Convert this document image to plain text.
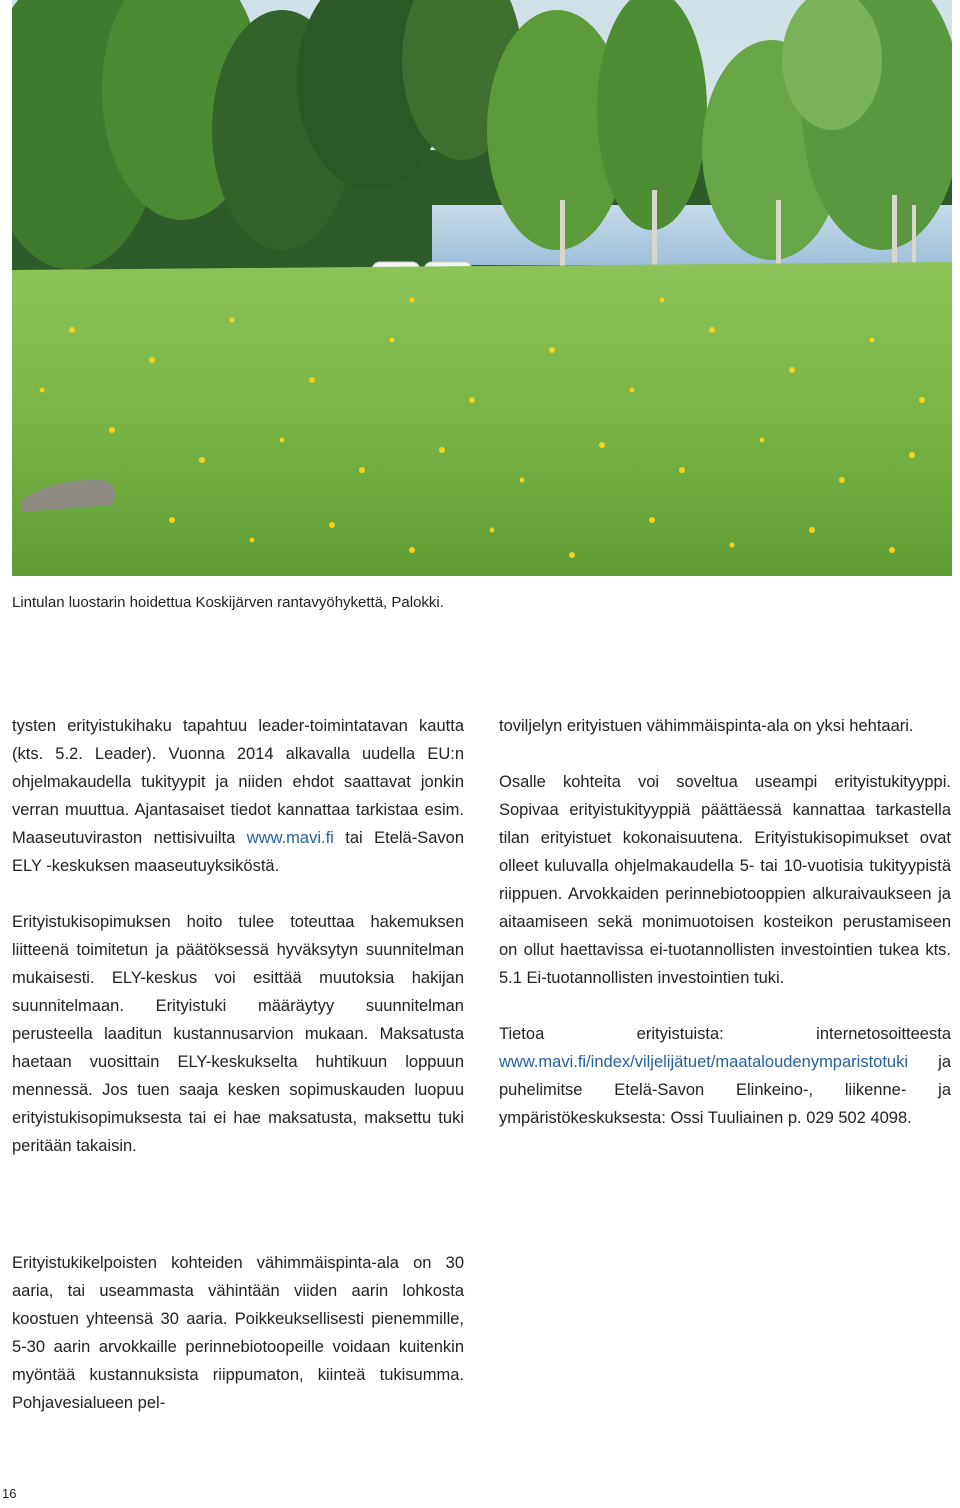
Lintulan luostarin hoidettua Koskijärven rantavyöhykettä, Palokki.

tysten erityistukihaku tapahtuu leader-toimintatavan kautta (kts. 5.2. Leader). Vuonna 2014 alkavalla uudella EU:n ohjelmakaudella tukityypit ja niiden ehdot saattavat jonkin verran muuttua. Ajantasaiset tiedot kannattaa tarkistaa esim. Maaseutuviraston nettisivuilta www.mavi.fi tai Etelä-Savon ELY -keskuksen maaseutuyksiköstä.

Erityistukisopimuksen hoito tulee toteuttaa hakemuksen liitteenä toimitetun ja päätöksessä hyväksytyn suunnitelman mukaisesti. ELY-keskus voi esittää muutoksia hakijan suunnitelmaan. Erityistuki määräytyy suunnitelman perusteella laaditun kustannusarvion mukaan. Maksatusta haetaan vuosittain ELY-keskukselta huhtikuun loppuun mennessä. Jos tuen saaja kesken sopimuskauden luopuu erityistukisopimuksesta tai ei hae maksatusta, maksettu tuki peritään takaisin.

toviljelyn erityistuen vähimmäispinta-ala on yksi hehtaari.

Osalle kohteita voi soveltua useampi erityistukityyppi. Sopivaa erityistukityyppiä päättäessä kannattaa tarkastella tilan erityistuet kokonaisuutena. Erityistukisopimukset ovat olleet kuluvalla ohjelmakaudella 5- tai 10-vuotisia tukityypistä riippuen. Arvokkaiden perinnebiotooppien alkuraivaukseen ja aitaamiseen sekä monimuotoisen kosteikon perustamiseen on ollut haettavissa ei-tuotannollisten investointien tukea kts. 5.1 Ei-tuotannollisten investointien tuki.

Tietoa erityistuista: internetosoitteesta www.mavi.fi/index/viljelijätuet/maataloudenymparistotuki ja puhelimitse Etelä-Savon Elinkeino-, liikenne- ja ympäristökeskuksesta: Ossi Tuuliainen p. 029 502 4098.

Erityistukikelpoisten kohteiden vähimmäispinta-ala on 30 aaria, tai useammasta vähintään viiden aarin lohkosta koostuen yhteensä 30 aaria. Poikkeuksellisesti pienemmille, 5-30 aarin arvokkaille perinnebiotoopeille voidaan kuitenkin myöntää kustannuksista riippumaton, kiinteä tukisumma. Pohjavesialueen pel-

16
